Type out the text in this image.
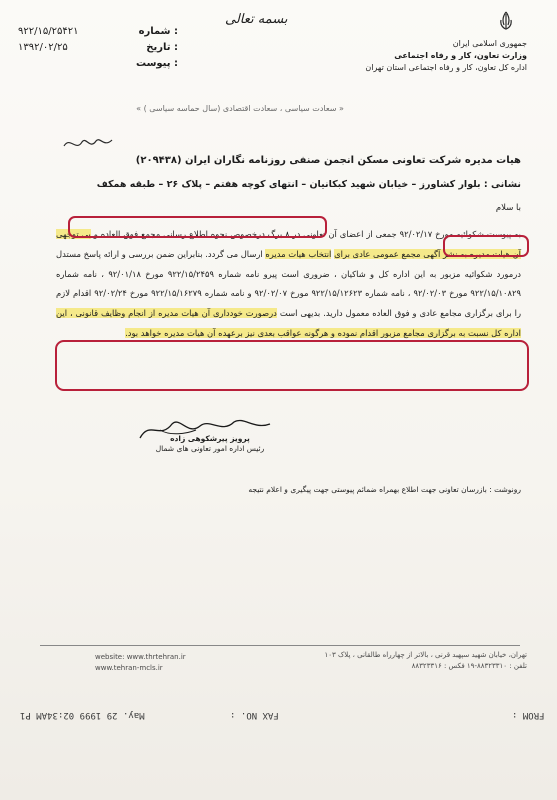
بسمه تعالی
جمهوری اسلامی ایران
وزارت تعاون، کار و رفاه اجتماعی
اداره کل تعاون، کار و رفاه اجتماعی استان تهران
۹۲۲/۱۵/۲۵۴۲۱	شماره :
۱۳۹۲/۰۲/۲۵	تاریخ :
پیوست :
« سعادت سیاسی ، سعادت اقتصادی (سال حماسه سیاسی ) »
هیات مدیره شرکت تعاونی مسکن انجمن صنفی روزنامه نگاران ایران (۲۰۹۴۳۸)
نشانی : بلوار کشاورز – خیابان شهید کبکانیان – انتهای کوچه هفتم – پلاک ۲۶ – طبقه همکف
با سلام
به پیوست شکوائیه مورخ ۹۲/۰۲/۱۷ جمعی از اعضای آن تعاونی در ۸ برگ درخصوص نحوه اطلاع رسانی مجمع فوق العاده و بی توجهی آن هیات مدیره به نشر آگهی مجمع عمومی عادی برای انتخاب هیات مدیره ارسال می گردد. بنابراین ضمن بررسی و ارائه پاسخ مستدل درمورد شکوائیه مزبور به این اداره کل و شاکیان ، ضروری است پیرو نامه شماره ۹۲۲/۱۵/۲۴۵۹ مورخ ۹۲/۰۱/۱۸ ، نامه شماره ۹۲۲/۱۵/۱۰۸۲۹ مورخ ۹۲/۰۲/۰۳ ، نامه شماره ۹۲۲/۱۵/۱۲۶۲۳ مورخ ۹۲/۰۲/۰۷ و نامه شماره ۹۲۲/۱۵/۱۶۲۷۹ مورخ ۹۲/۰۲/۲۴ اقدام لازم را برای برگزاری مجامع عادی و فوق العاده معمول دارید. بدیهی است درصورت خودداری آن هیات مدیره از انجام وظایف قانونی ، این اداره کل نسبت به برگزاری مجامع مزبور اقدام نموده و هرگونه عواقب بعدی نیز برعهده آن هیات مدیره خواهد بود.
پرویز پیرشکوهی زاده
رئیس اداره امور تعاونی های شمال
رونوشت : بازرسان تعاونی جهت اطلاع بهمراه ضمائم پیوستی جهت پیگیری و اعلام نتیجه
تهران، خیابان شهید سپهبد قرنی ، بالاتر از چهارراه طالقانی ، پلاک ۱۰۳
تلفن : ۸۸۳۲۳۳۱۰-۱۹ فکس : ۸۸۳۲۳۳۱۶
website: www.thrtehran.ir
www.tehran-mcls.ir
FROM :
FAX NO. :
May. 29 1999 02:34AM P1
